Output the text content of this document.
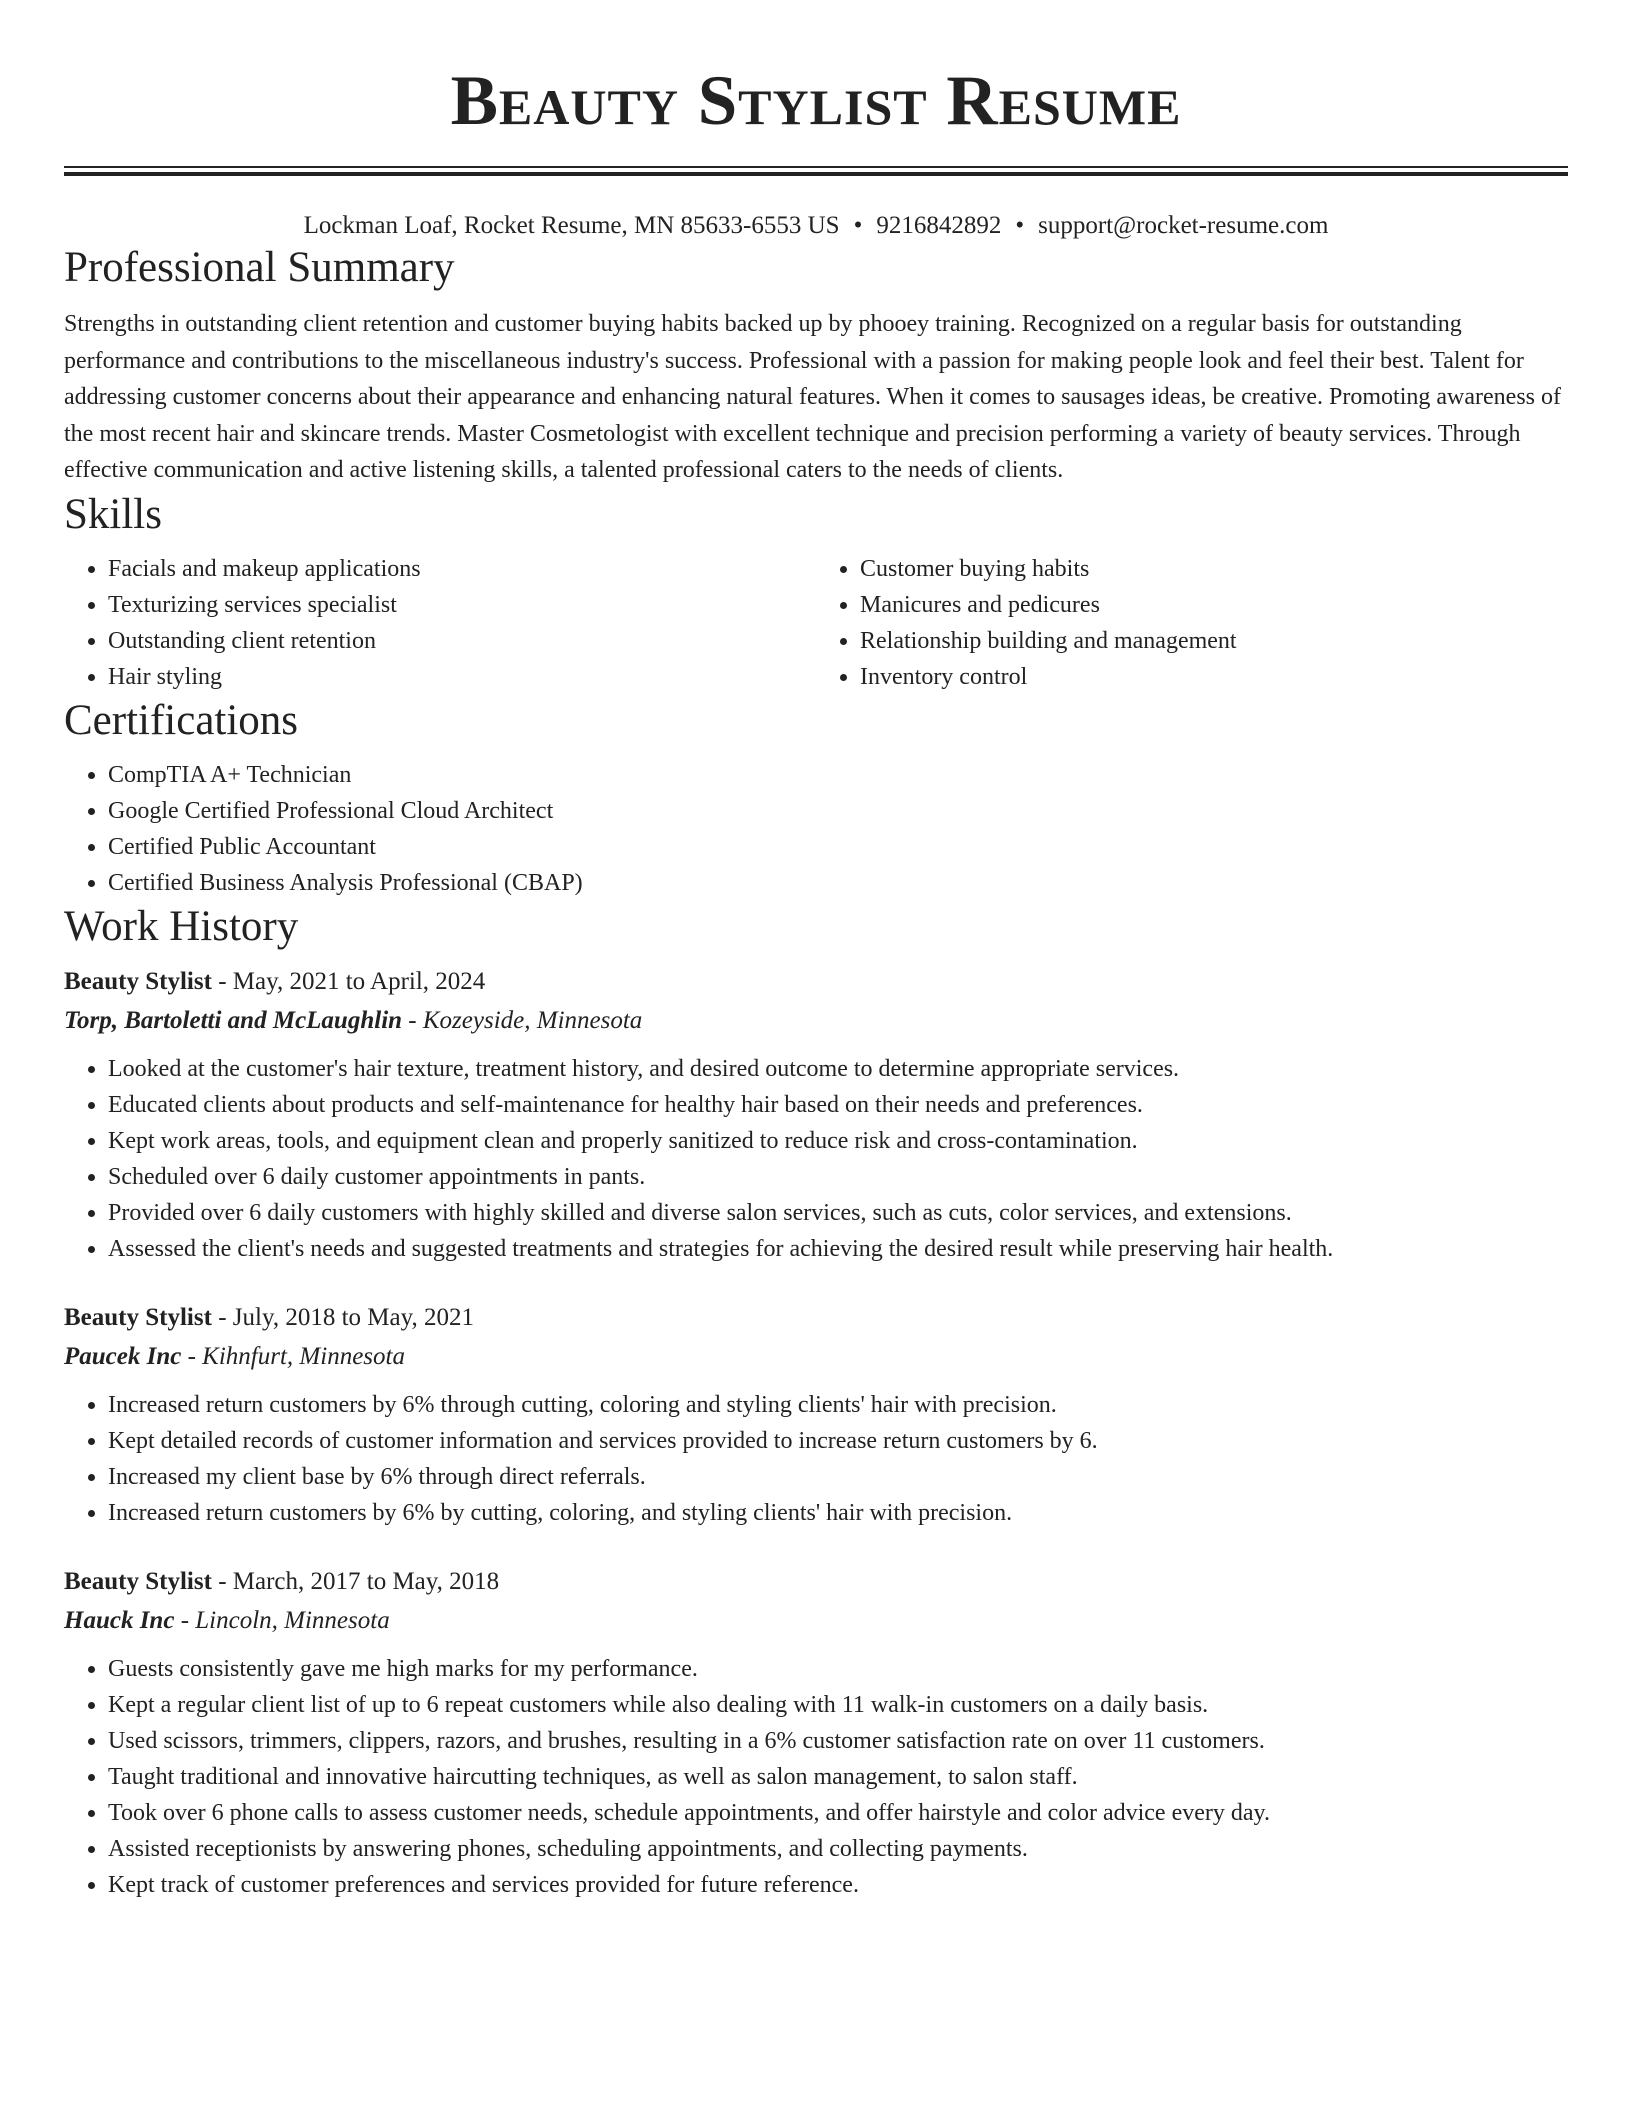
Beauty Stylist Resume
Lockman Loaf, Rocket Resume, MN 85633-6553 US • 9216842892 • support@rocket-resume.com
Professional Summary

Strengths in outstanding client retention and customer buying habits backed up by phooey training. Recognized on a regular basis for outstanding performance and contributions to the miscellaneous industry's success. Professional with a passion for making people look and feel their best. Talent for addressing customer concerns about their appearance and enhancing natural features. When it comes to sausages ideas, be creative. Promoting awareness of the most recent hair and skincare trends. Master Cosmetologist with excellent technique and precision performing a variety of beauty services. Through effective communication and active listening skills, a talented professional caters to the needs of clients.

Skills
• Facials and makeup applications
• Texturizing services specialist
• Outstanding client retention
• Hair styling
• Customer buying habits
• Manicures and pedicures
• Relationship building and management
• Inventory control
Certifications
• CompTIA A+ Technician
• Google Certified Professional Cloud Architect
• Certified Public Accountant
• Certified Business Analysis Professional (CBAP)
Work History
Beauty Stylist - May, 2021 to April, 2024
Torp, Bartoletti and McLaughlin - Kozeyside, Minnesota
• Looked at the customer's hair texture, treatment history, and desired outcome to determine appropriate services.
• Educated clients about products and self-maintenance for healthy hair based on their needs and preferences.
• Kept work areas, tools, and equipment clean and properly sanitized to reduce risk and cross-contamination.
• Scheduled over 6 daily customer appointments in pants.
• Provided over 6 daily customers with highly skilled and diverse salon services, such as cuts, color services, and extensions.
• Assessed the client's needs and suggested treatments and strategies for achieving the desired result while preserving hair health.
Beauty Stylist - July, 2018 to May, 2021
Paucek Inc - Kihnfurt, Minnesota
• Increased return customers by 6% through cutting, coloring and styling clients' hair with precision.
• Kept detailed records of customer information and services provided to increase return customers by 6.
• Increased my client base by 6% through direct referrals.
• Increased return customers by 6% by cutting, coloring, and styling clients' hair with precision.
Beauty Stylist - March, 2017 to May, 2018
Hauck Inc - Lincoln, Minnesota
• Guests consistently gave me high marks for my performance.
• Kept a regular client list of up to 6 repeat customers while also dealing with 11 walk-in customers on a daily basis.
• Used scissors, trimmers, clippers, razors, and brushes, resulting in a 6% customer satisfaction rate on over 11 customers.
• Taught traditional and innovative haircutting techniques, as well as salon management, to salon staff.
• Took over 6 phone calls to assess customer needs, schedule appointments, and offer hairstyle and color advice every day.
• Assisted receptionists by answering phones, scheduling appointments, and collecting payments.
• Kept track of customer preferences and services provided for future reference.
